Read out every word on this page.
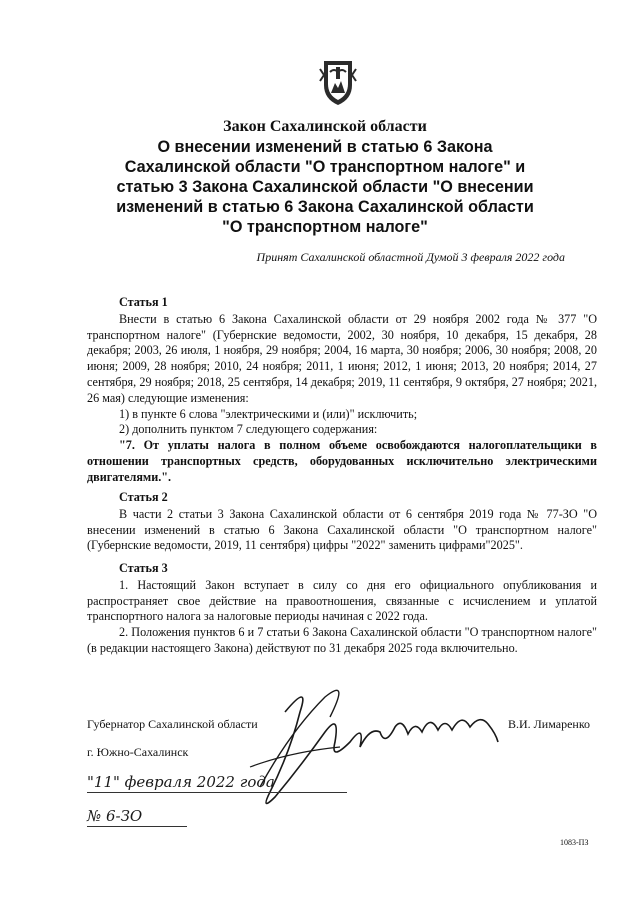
Закон Сахалинской области
О внесении изменений в статью 6 Закона
Сахалинской области "О транспортном налоге" и
статью 3 Закона Сахалинской области "О внесении
изменений в статью 6 Закона Сахалинской области
"О транспортном налоге"
Принят Сахалинской областной Думой 3 февраля 2022 года

Статья 1

Внести в статью 6 Закона Сахалинской области от 29 ноября 2002 года № 377 "О транспортном налоге" (Губернские ведомости, 2002, 30 ноября, 10 декабря, 15 декабря, 28 декабря; 2003, 26 июля, 1 ноября, 29 ноября; 2004, 16 марта, 30 ноября; 2006, 30 ноября; 2008, 20 июня; 2009, 28 ноября; 2010, 24 ноября; 2011, 1 июня; 2012, 1 июня; 2013, 20 ноября; 2014, 27 сентября, 29 ноября; 2018, 25 сентября, 14 декабря; 2019, 11 сентября, 9 октября, 27 ноября; 2021, 26 мая) следующие изменения:

1) в пункте 6 слова "электрическими и (или)" исключить;

2) дополнить пунктом 7 следующего содержания:

"7. От уплаты налога в полном объеме освобождаются налогоплательщики в отношении транспортных средств, оборудованных исключительно электрическими двигателями.".

Статья 2

В части 2 статьи 3 Закона Сахалинской области от 6 сентября 2019 года № 77-ЗО "О внесении изменений в статью 6 Закона Сахалинской области "О транспортном налоге" (Губернские ведомости, 2019, 11 сентября) цифры "2022" заменить цифрами"2025".

Статья 3

1. Настоящий Закон вступает в силу со дня его официального опубликования и распространяет свое действие на правоотношения, связанные с исчислением и уплатой транспортного налога за налоговые периоды начиная с 2022 года.

2. Положения пунктов 6 и 7 статьи 6 Закона Сахалинской области "О транспортном налоге" (в редакции настоящего Закона) действуют по 31 декабря 2025 года включительно.

Губернатор Сахалинской области	В.И. Лимаренко
г. Южно-Сахалинск
"11" февраля 2022 года
№ 6-ЗО
1083-ПЗ
